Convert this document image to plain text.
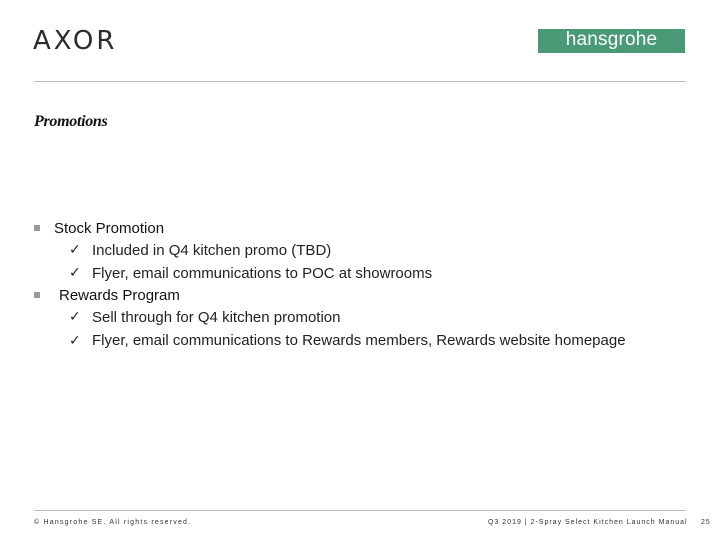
AXOR	hansgrohe
Promotions
Stock Promotion
✓ Included in Q4 kitchen promo (TBD)
✓ Flyer, email communications to POC at showrooms
Rewards Program
✓ Sell through for Q4 kitchen promotion
✓ Flyer, email communications to Rewards members, Rewards website homepage
© Hansgrohe SE. All rights reserved.	Q3 2019 | 2-Spray Select Kitchen Launch Manual 25
